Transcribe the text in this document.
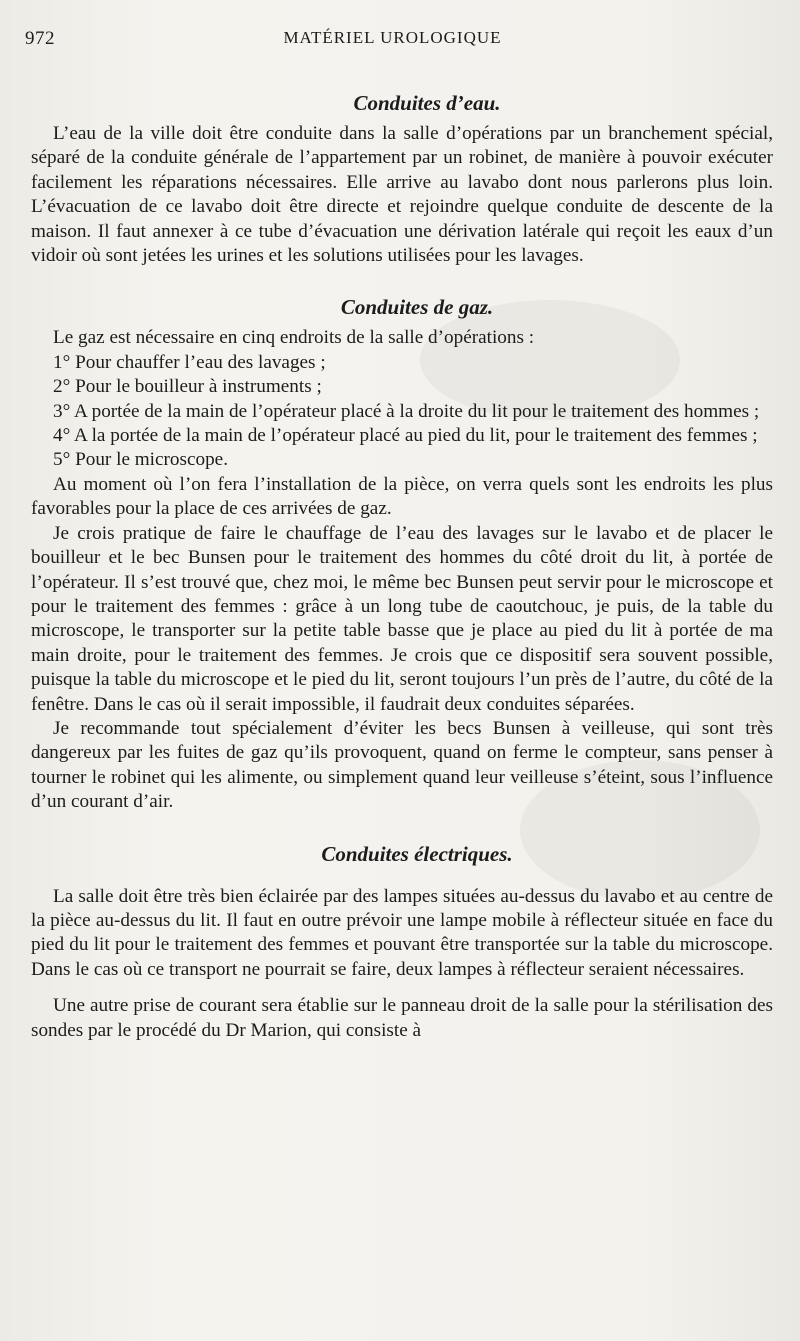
972	MATÉRIEL UROLOGIQUE
Conduites d’eau.

L’eau de la ville doit être conduite dans la salle d’opérations par un branchement spécial, séparé de la conduite générale de l’appartement par un robinet, de manière à pouvoir exécuter facilement les réparations nécessaires. Elle arrive au lavabo dont nous parlerons plus loin. L’évacuation de ce lavabo doit être directe et rejoindre quelque conduite de descente de la maison. Il faut annexer à ce tube d’évacuation une dérivation latérale qui reçoit les eaux d’un vidoir où sont jetées les urines et les solutions utilisées pour les lavages.

Conduites de gaz.

Le gaz est nécessaire en cinq endroits de la salle d’opérations :

1° Pour chauffer l’eau des lavages ;

2° Pour le bouilleur à instruments ;

3° A portée de la main de l’opérateur placé à la droite du lit pour le traitement des hommes ;

4° A la portée de la main de l’opérateur placé au pied du lit, pour le traitement des femmes ;

5° Pour le microscope.

Au moment où l’on fera l’installation de la pièce, on verra quels sont les endroits les plus favorables pour la place de ces arrivées de gaz.

Je crois pratique de faire le chauffage de l’eau des lavages sur le lavabo et de placer le bouilleur et le bec Bunsen pour le traitement des hommes du côté droit du lit, à portée de l’opérateur. Il s’est trouvé que, chez moi, le même bec Bunsen peut servir pour le microscope et pour le traitement des femmes : grâce à un long tube de caoutchouc, je puis, de la table du microscope, le transporter sur la petite table basse que je place au pied du lit à portée de ma main droite, pour le traitement des femmes. Je crois que ce dispositif sera souvent possible, puisque la table du microscope et le pied du lit, seront toujours l’un près de l’autre, du côté de la fenêtre. Dans le cas où il serait impossible, il faudrait deux conduites séparées.

Je recommande tout spécialement d’éviter les becs Bunsen à veilleuse, qui sont très dangereux par les fuites de gaz qu’ils provoquent, quand on ferme le compteur, sans penser à tourner le robinet qui les alimente, ou simplement quand leur veilleuse s’éteint, sous l’influence d’un courant d’air.

Conduites électriques.

La salle doit être très bien éclairée par des lampes situées au-dessus du lavabo et au centre de la pièce au-dessus du lit. Il faut en outre prévoir une lampe mobile à réflecteur située en face du pied du lit pour le traitement des femmes et pouvant être transportée sur la table du microscope. Dans le cas où ce transport ne pourrait se faire, deux lampes à réflecteur seraient nécessaires.

Une autre prise de courant sera établie sur le panneau droit de la salle pour la stérilisation des sondes par le procédé du Dr Marion, qui consiste à
